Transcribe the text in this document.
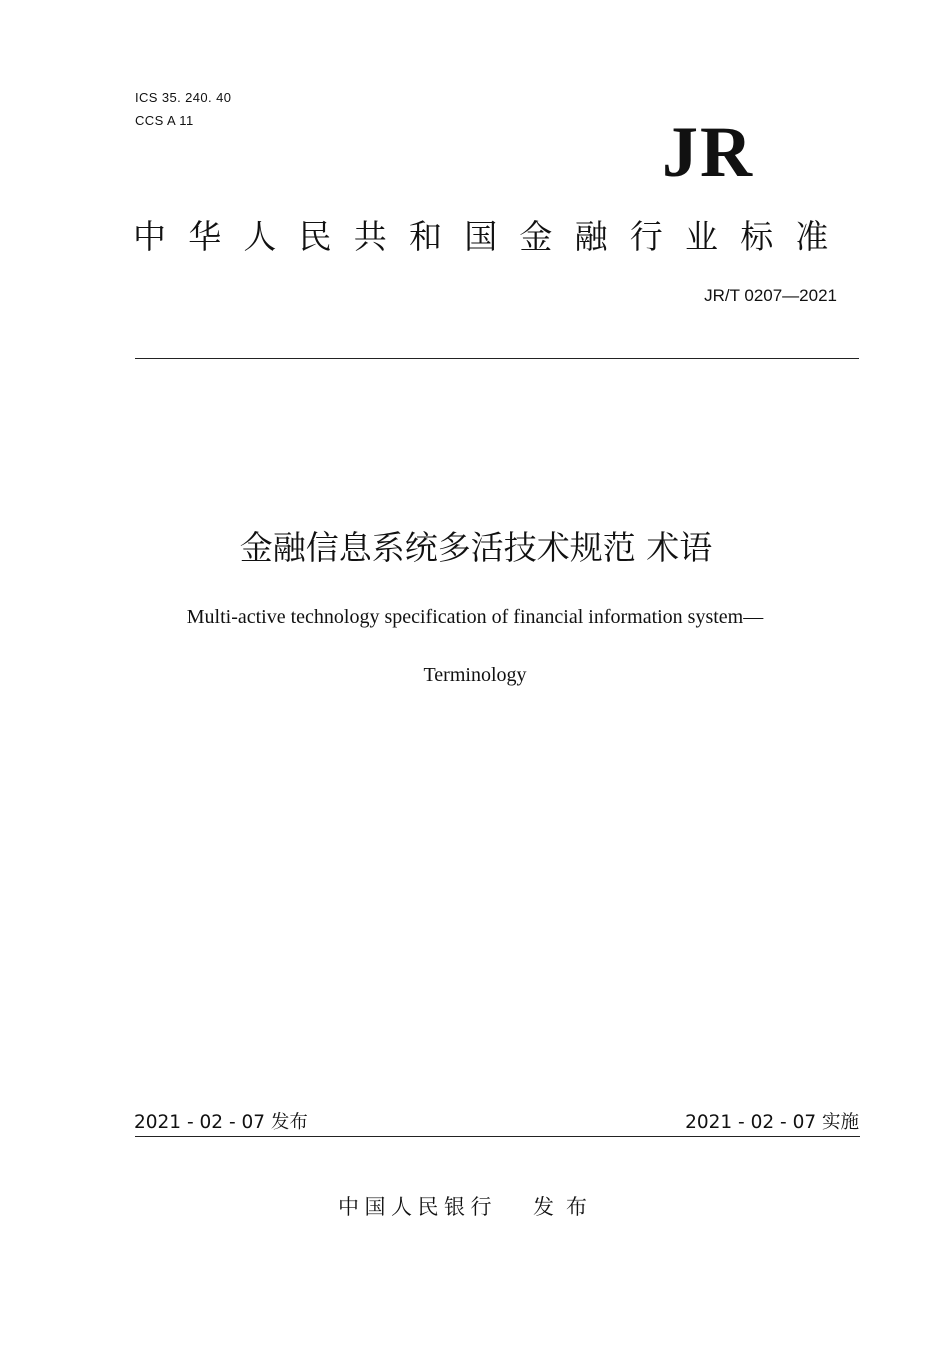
ICS 35. 240. 40
CCS A 11	JR
中华人民共和国金融行业标准
JR/T 0207—2021
金融信息系统多活技术规范 术语
Multi-active technology specification of financial information system—
Terminology
2021 - 02 - 07 发布	2021 - 02 - 07 实施
中国人民银行 发布
